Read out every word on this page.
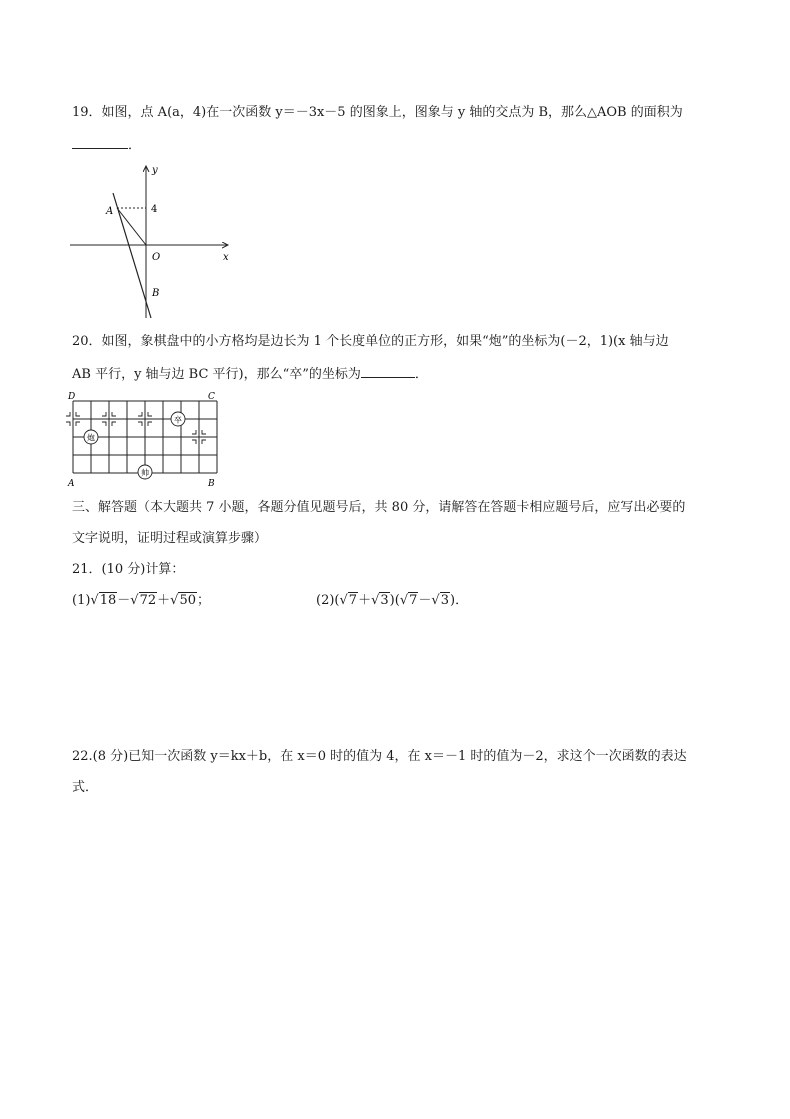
19．如图，点 A(a，4)在一次函数 y＝－3x－5 的图象上，图象与 y 轴的交点为 B，那么△AOB 的面积为
．
y
x
A	4
O
B
20．如图，象棋盘中的小方格均是边长为 1 个长度单位的正方形，如果“炮”的坐标为(－2，1)(x 轴与边
AB 平行，y 轴与边 BC 平行)，那么“卒”的坐标为	．
D	C
A	B
炮
卒
帅
三、解答题（本大题共 7 小题，各题分值见题号后，共 80 分，请解答在答题卡相应题号后，应写出必要的
文字说明，证明过程或演算步骤）
21．(10 分)计算：
(1)√18－√72＋√50；	(2)(√7＋√3)(√7－√3)．
22.(8 分)已知一次函数 y＝kx＋b，在 x＝0 时的值为 4，在 x＝－1 时的值为－2，求这个一次函数的表达
式．
